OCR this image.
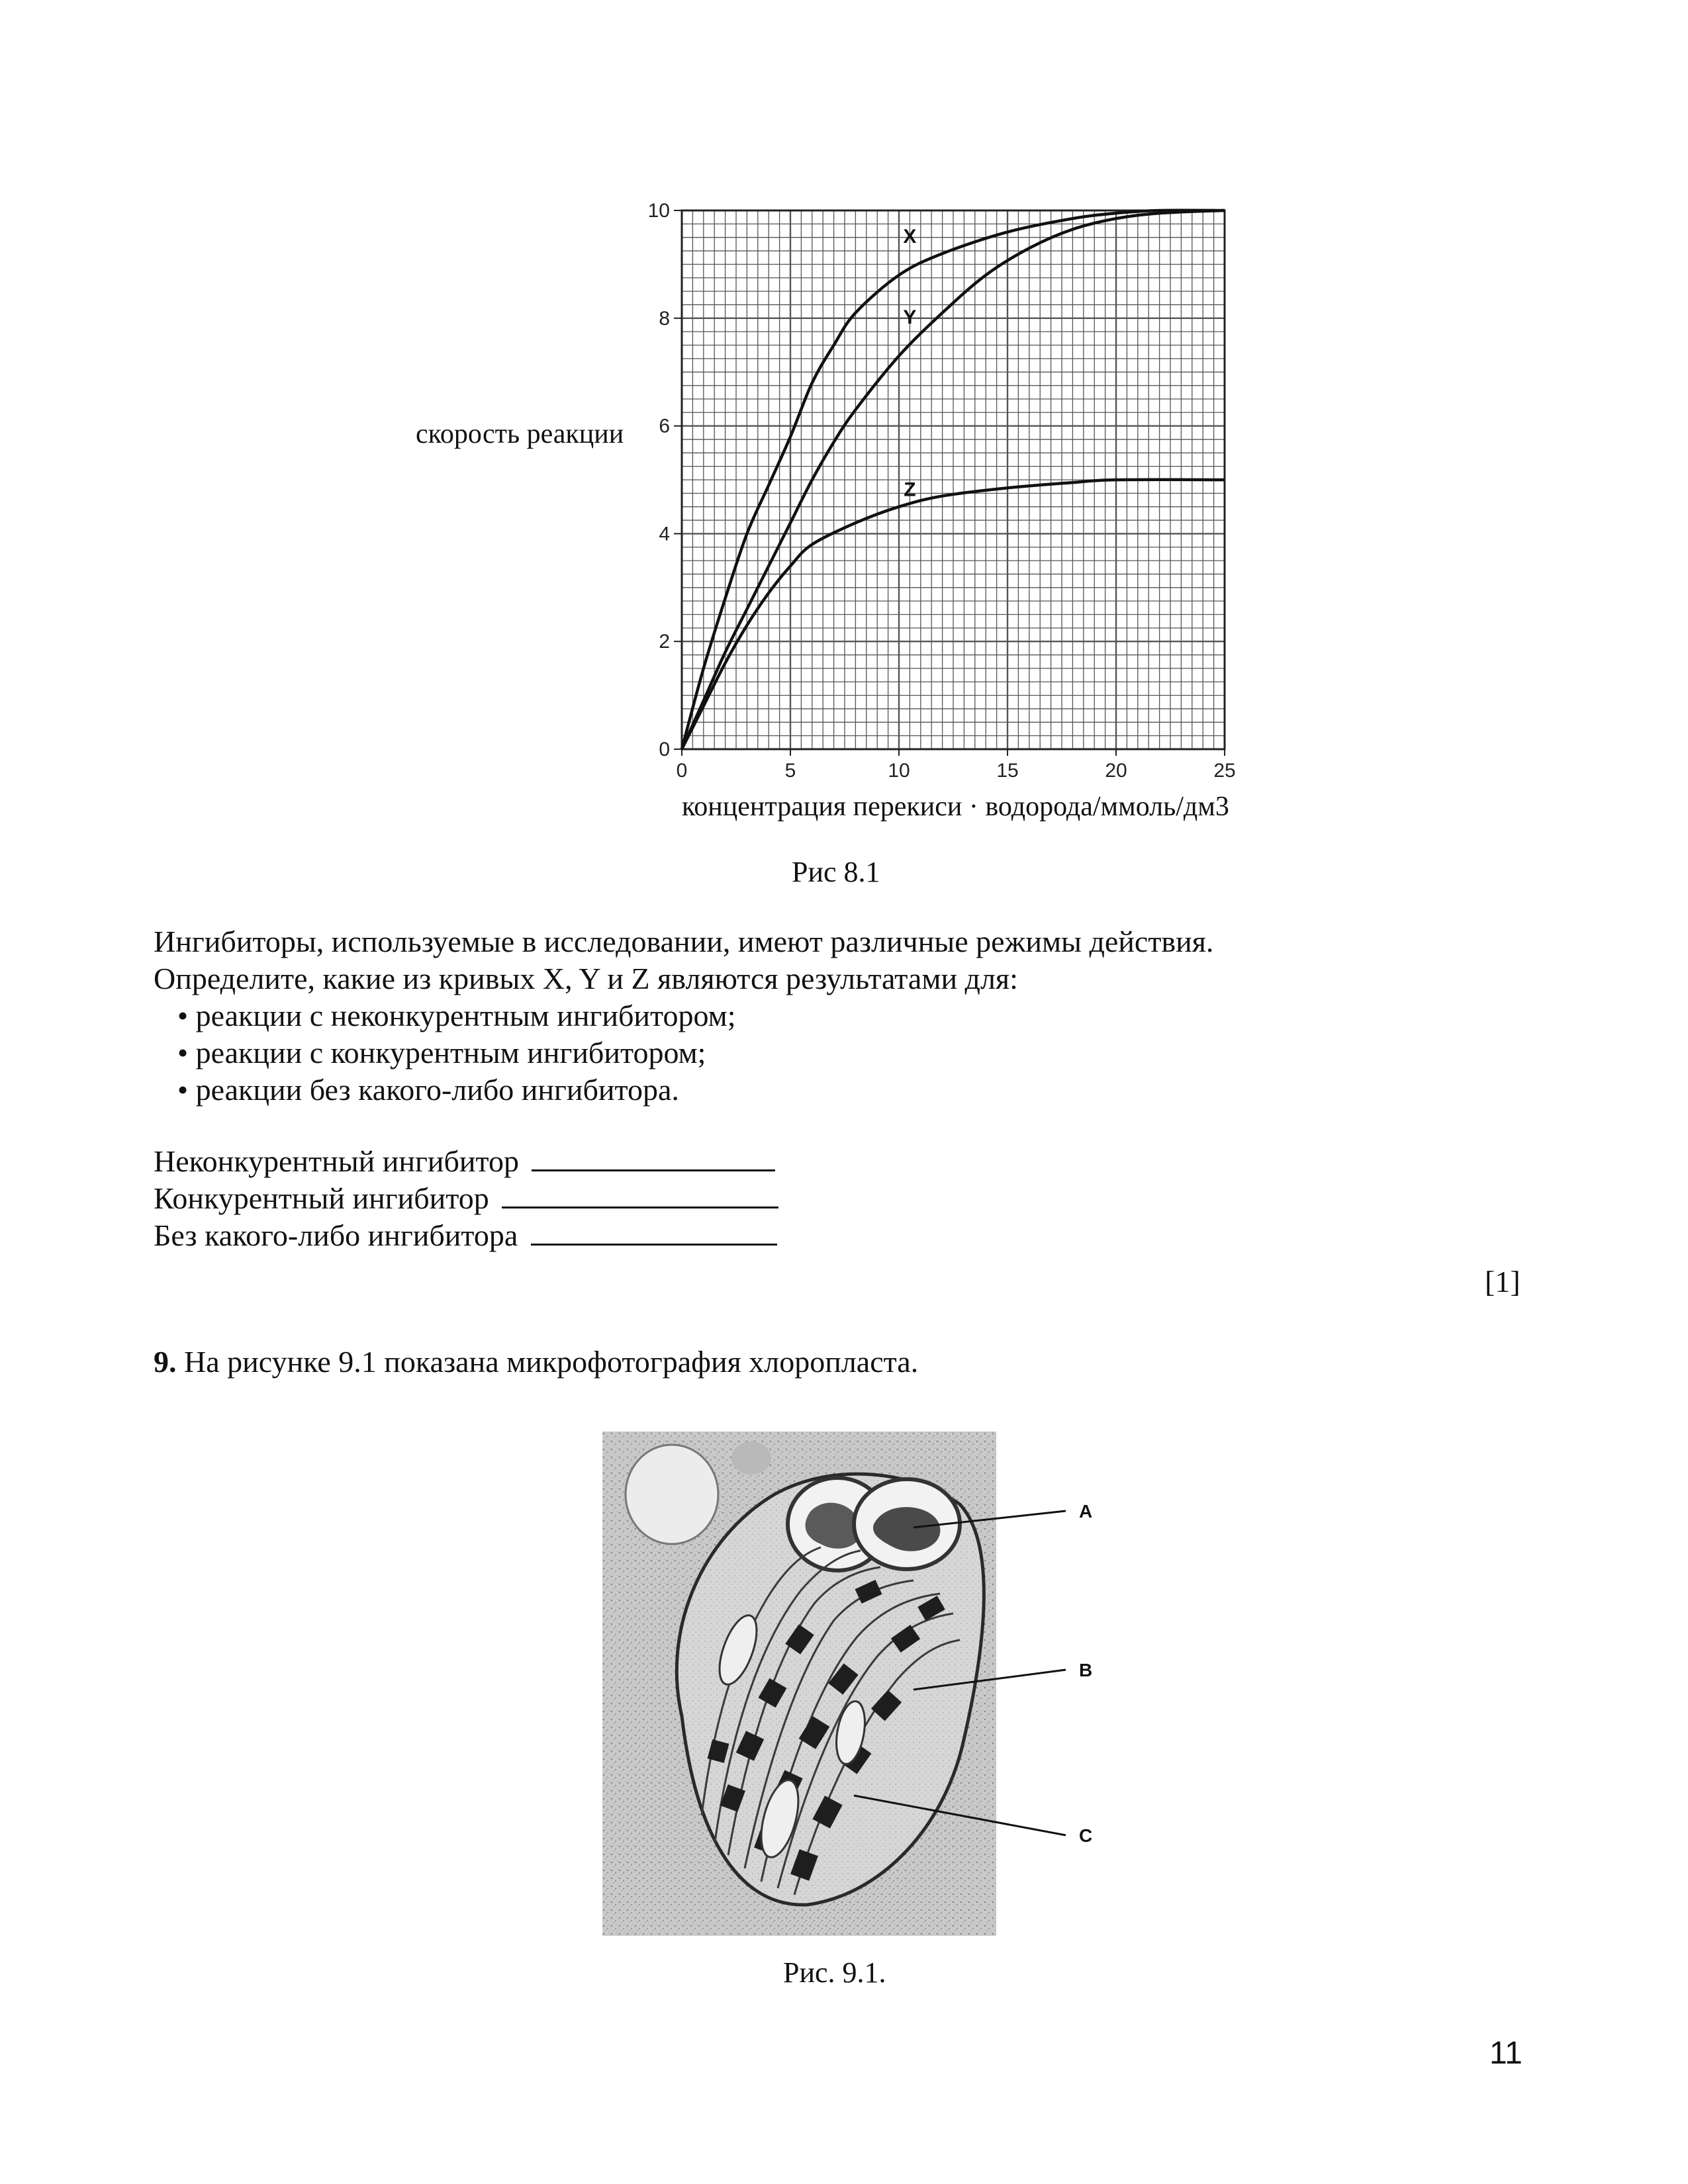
0	5	10	15	20	25
0
2
4
6
8
10
X
Y
Z
скорость реакции
концентрация перекиси · водорода/ммоль/дм3
Рис 8.1
Ингибиторы, используемые в исследовании, имеют различные режимы действия.
Определите, какие из кривых X, Y и Z являются результатами для:
• реакции с неконкурентным ингибитором;
• реакции с конкурентным ингибитором;
• реакции без какого-либо ингибитора.
Неконкурентный ингибитор
Конкурентный ингибитор
Без какого-либо ингибитора
[1]
9. На рисунке 9.1 показана микрофотография хлоропласта.
A
B
C
Рис. 9.1.
11
